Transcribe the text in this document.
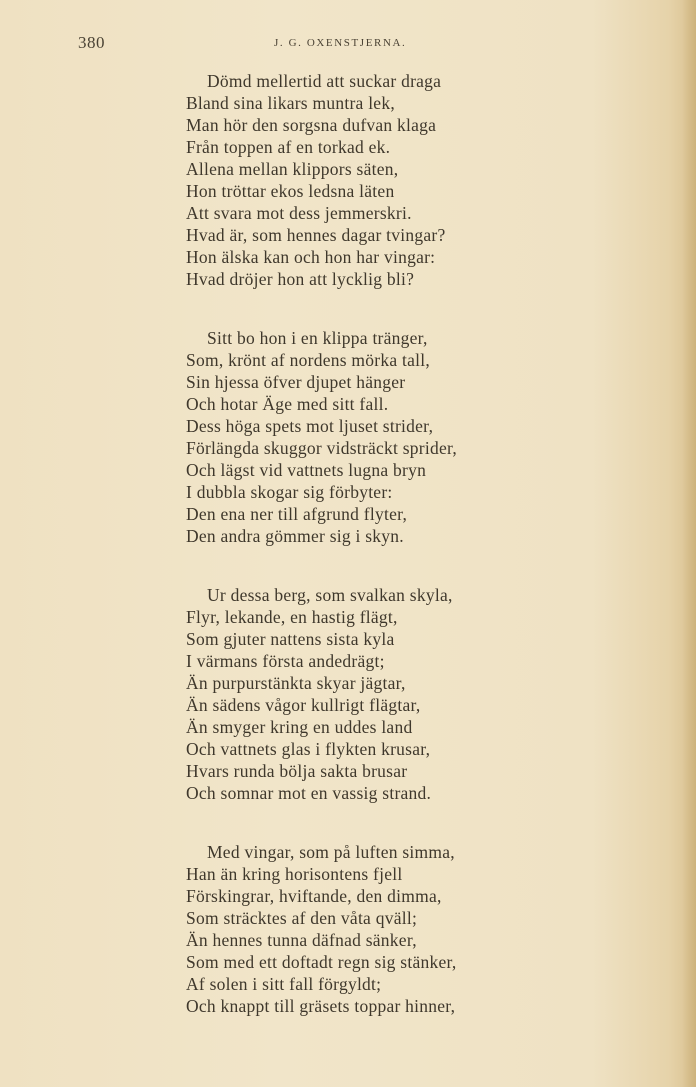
380	J. G. OXENSTJERNA.
Dömd mellertid att suckar draga
Bland sina likars muntra lek,
Man hör den sorgsna dufvan klaga
Från toppen af en torkad ek.
Allena mellan klippors säten,
Hon tröttar ekos ledsna läten
Att svara mot dess jemmerskri.
Hvad är, som hennes dagar tvingar?
Hon älska kan och hon har vingar:
Hvad dröjer hon att lycklig bli?
Sitt bo hon i en klippa tränger,
Som, krönt af nordens mörka tall,
Sin hjessa öfver djupet hänger
Och hotar Äge med sitt fall.
Dess höga spets mot ljuset strider,
Förlängda skuggor vidsträckt sprider,
Och lägst vid vattnets lugna bryn
I dubbla skogar sig förbyter:
Den ena ner till afgrund flyter,
Den andra gömmer sig i skyn.
Ur dessa berg, som svalkan skyla,
Flyr, lekande, en hastig flägt,
Som gjuter nattens sista kyla
I värmans första andedrägt;
Än purpurstänkta skyar jägtar,
Än sädens vågor kullrigt flägtar,
Än smyger kring en uddes land
Och vattnets glas i flykten krusar,
Hvars runda bölja sakta brusar
Och somnar mot en vassig strand.
Med vingar, som på luften simma,
Han än kring horisontens fjell
Förskingrar, hviftande, den dimma,
Som sträcktes af den våta qväll;
Än hennes tunna däfnad sänker,
Som med ett doftadt regn sig stänker,
Af solen i sitt fall förgyldt;
Och knappt till gräsets toppar hinner,
